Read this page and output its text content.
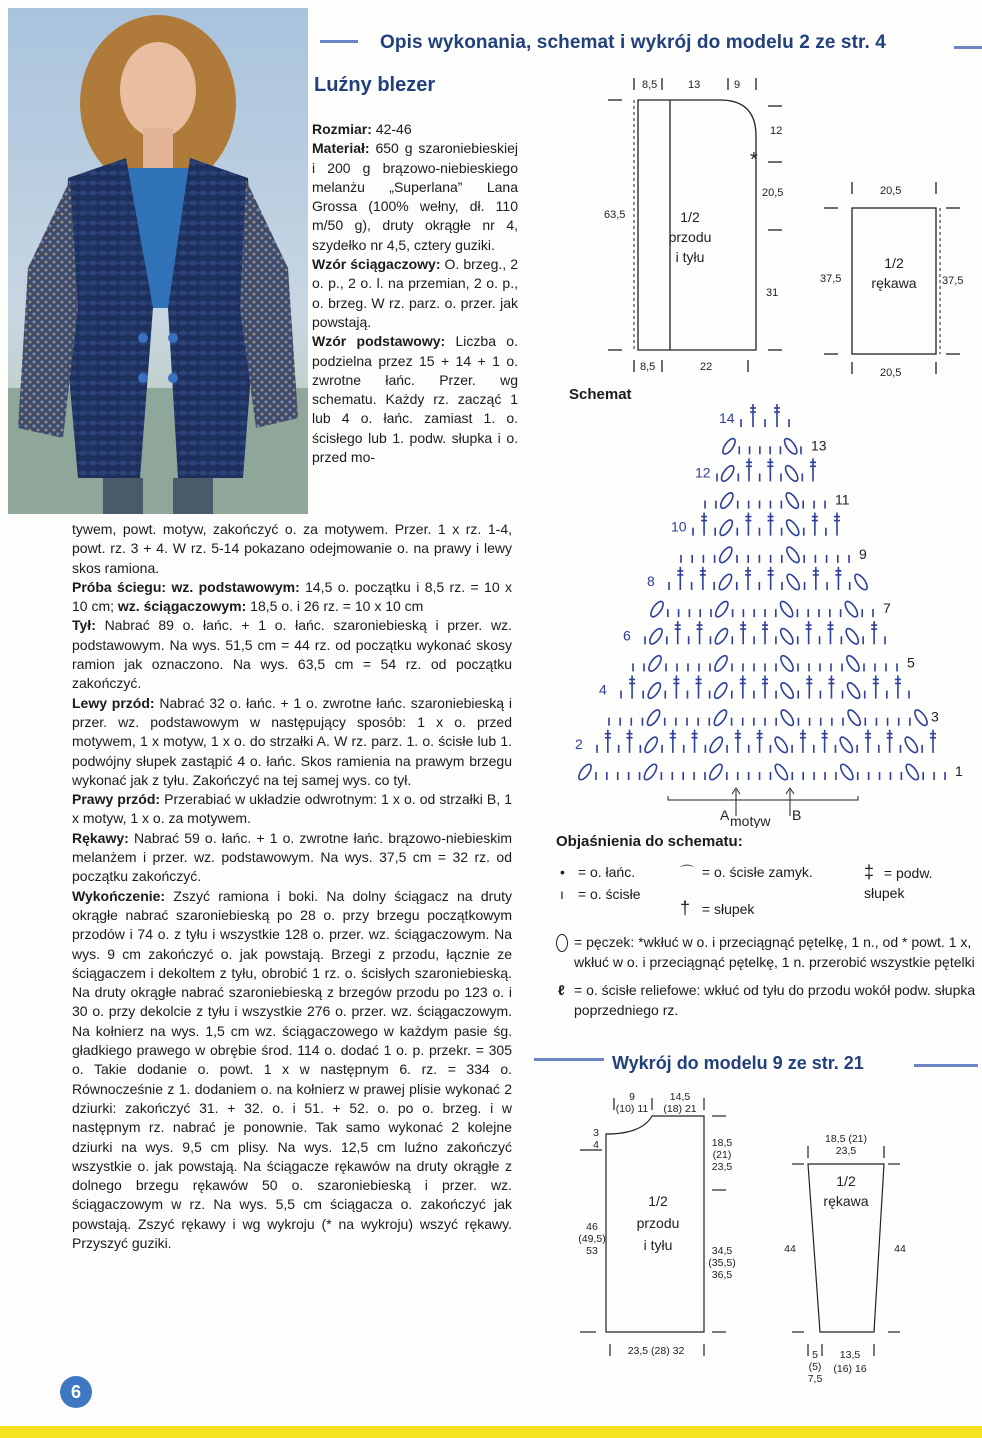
Opis wykonania, schemat i wykrój do modelu 2 ze str. 4
Luźny blezer

Rozmiar: 42-46

Materiał: 650 g szaroniebieskiej i 200 g brązowo-niebieskiego melanżu „Superlana” Lana Grossa (100% wełny, dł. 110 m/50 g), druty okrągłe nr 4, szydełko nr 4,5, cztery guziki.

Wzór ściągaczowy: O. brzeg., 2 o. p., 2 o. l. na przemian, 2 o. p., o. brzeg. W rz. parz. o. przer. jak powstają.

Wzór podstawowy: Liczba o. podzielna przez 15 + 14 + 1 o. zwrotne łańc. Przer. wg schematu. Każdy rz. zacząć 1 lub 4 o. łańc. zamiast 1. o. ścisłego lub 1. podw. słupka i o. przed mo-

tywem, powt. motyw, zakończyć o. za motywem. Przer. 1 x rz. 1-4, powt. rz. 3 + 4. W rz. 5-14 pokazano odejmowanie o. na prawy i lewy skos ramiona.

Próba ściegu: wz. podstawowym: 14,5 o. początku i 8,5 rz. = 10 x 10 cm; wz. ściągaczowym: 18,5 o. i 26 rz. = 10 x 10 cm

Tył: Nabrać 89 o. łańc. + 1 o. łańc. szaroniebieską i przer. wz. podstawowym. Na wys. 51,5 cm = 44 rz. od początku wykonać skosy ramion jak oznaczono. Na wys. 63,5 cm = 54 rz. od początku zakończyć.

Lewy przód: Nabrać 32 o. łańc. + 1 o. zwrotne łańc. szaroniebieską i przer. wz. podstawowym w następujący sposób: 1 x o. przed motywem, 1 x motyw, 1 x o. do strzałki A. W rz. parz. 1. o. ścisłe lub 1. podwójny słupek zastąpić 4 o. łańc. Skos ramienia na prawym brzegu wykonać jak z tyłu. Zakończyć na tej samej wys. co tył.

Prawy przód: Przerabiać w układzie odwrotnym: 1 x o. od strzałki B, 1 x motyw, 1 x o. za motywem.

Rękawy: Nabrać 59 o. łańc. + 1 o. zwrotne łańc. brązowo-niebieskim melanżem i przer. wz. podstawowym. Na wys. 37,5 cm = 32 rz. od początku zakończyć.

Wykończenie: Zszyć ramiona i boki. Na dolny ściągacz na druty okrągłe nabrać szaroniebieską po 28 o. przy brzegu początkowym przodów i 74 o. z tyłu i wszystkie 128 o. przer. wz. ściągaczowym. Na wys. 9 cm zakończyć o. jak powstają. Brzegi z przodu, łącznie ze ściągaczem i dekoltem z tyłu, obrobić 1 rz. o. ścisłych szaroniebieską. Na druty okrągłe nabrać szaroniebieską z brzegów przodu po 123 o. i 30 o. przy dekolcie z tyłu i wszystkie 276 o. przer. wz. ściągaczowym. Na kołnierz na wys. 1,5 cm wz. ściągaczowego w każdym pasie śg. gładkiego prawego w obrębie środ. 114 o. dodać 1 o. p. przekr. = 305 o. Takie dodanie o. powt. 1 x w następnym 6. rz. = 334 o. Równocześnie z 1. dodaniem o. na kołnierz w prawej plisie wykonać 2 dziurki: zakończyć 31. + 32. o. i 51. + 52. o. po o. brzeg. i w następnym rz. nabrać je ponownie. Tak samo wykonać 2 kolejne dziurki na wys. 9,5 cm plisy. Na wys. 12,5 cm luźno zakończyć wszystkie o. jak powstają. Na ściągacze rękawów na druty okrągłe z dolnego brzegu rękawów 50 o. szaroniebieską i przer. wz. ściągaczowym w rz. Na wys. 5,5 cm ściągacza o. zakończyć jak powstają. Zszyć rękawy i wg wykroju (* na wykroju) wszyć rękawy. Przyszyć guziki.

*
8,5	13	9
8,5	22
12
20,5
31
63,5
20,5
20,5
37,5	37,5
1/2
przodu
i tyłu	1/2
rękawa
Schemat
14
12
10
8
6
4
2
13
11
9
7
5
3
1
A motyw B
Objaśnienia do schematu:
• = o. łańc.
ı = o. ścisłe
⌒ = o. ścisłe zamyk.
† = słupek
‡ = podw. słupek
= pęczek: *wkłuć w o. i przeciągnąć pętelkę, 1 n., od * powt. 1 x, wkłuć w o. i przeciągnąć pętelkę, 1 n. przerobić wszystkie pętelki
ℓ = o. ścisłe reliefowe: wkłuć od tyłu do przodu wokół podw. słupka poprzedniego rz.
Wykrój do modelu 9 ze str. 21
9
(10) 11
14,5
(18) 21
3
4	18,5
(21)
23,5
34,5
(35,5)
36,5
46
(49,5)
53
23,5 (28) 32
18,5 (21)
23,5
44	44
5
(5)
7,5
13,5
(16) 16
1/2
przodu
i tyłu
1/2
rękawa
6
